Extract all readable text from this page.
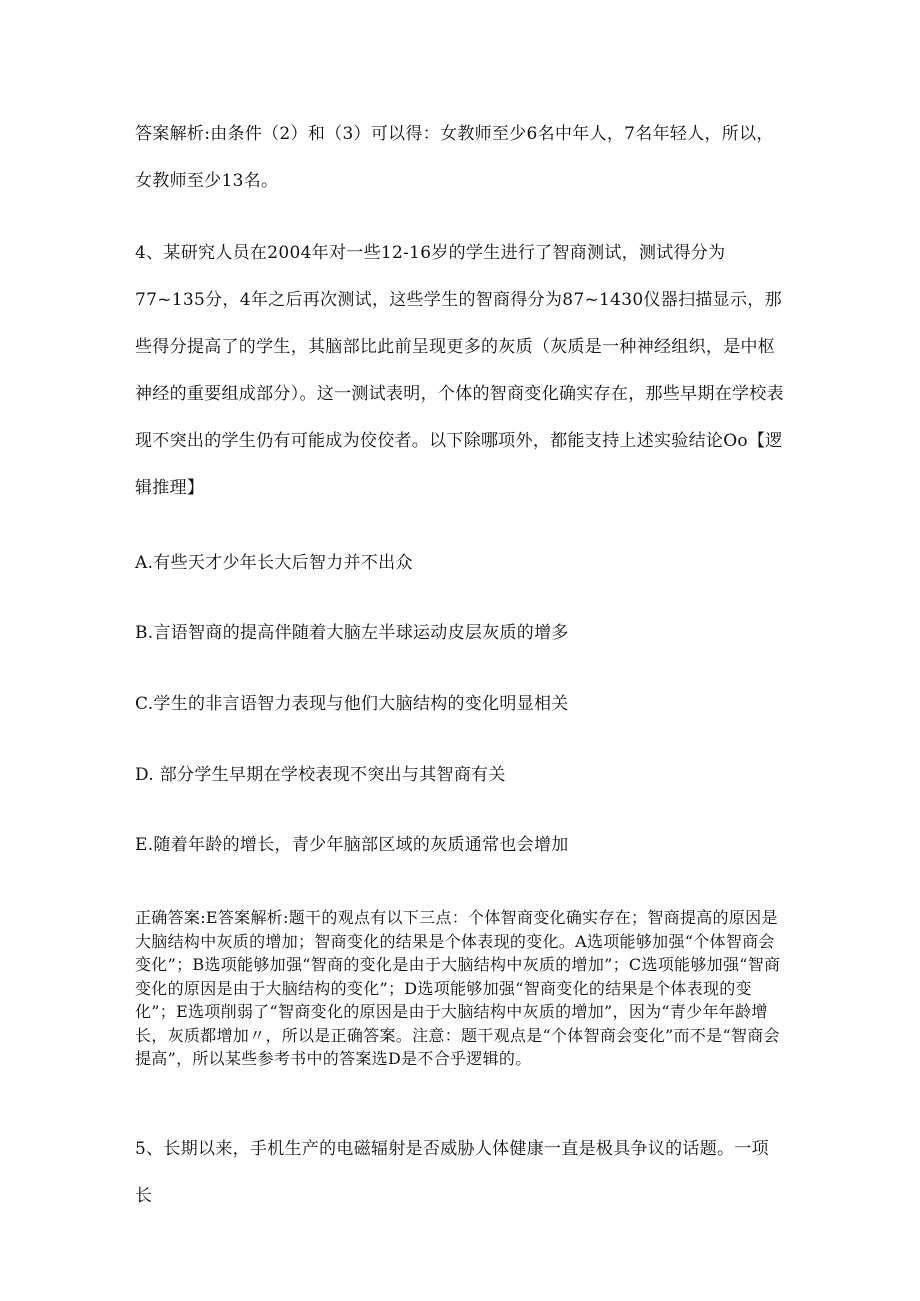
答案解析:由条件（2）和（3）可以得：女教师至少6名中年人，7名年轻人，所以，女教师至少13名。

4、某研究人员在2004年对一些12-16岁的学生进行了智商测试，测试得分为77~135分，4年之后再次测试，这些学生的智商得分为87~1430仪器扫描显示，那些得分提高了的学生，其脑部比此前呈现更多的灰质（灰质是一种神经组织，是中枢神经的重要组成部分）。这一测试表明，个体的智商变化确实存在，那些早期在学校表现不突出的学生仍有可能成为佼佼者。以下除哪项外，都能支持上述实验结论Oo【逻辑推理】

A.有些天才少年长大后智力并不出众

B.言语智商的提高伴随着大脑左半球运动皮层灰质的增多

C.学生的非言语智力表现与他们大脑结构的变化明显相关

D. 部分学生早期在学校表现不突出与其智商有关

E.随着年龄的增长，青少年脑部区域的灰质通常也会增加

正确答案:E答案解析:题干的观点有以下三点：个体智商变化确实存在；智商提高的原因是大脑结构中灰质的增加；智商变化的结果是个体表现的变化。A选项能够加强“个体智商会变化”；B选项能够加强“智商的变化是由于大脑结构中灰质的增加”；C选项能够加强“智商变化的原因是由于大脑结构的变化”；D选项能够加强“智商变化的结果是个体表现的变化”；E选项削弱了“智商变化的原因是由于大脑结构中灰质的增加”，因为“青少年年龄增长，灰质都增加〃，所以是正确答案。注意：题干观点是“个体智商会变化”而不是“智商会提高”，所以某些参考书中的答案选D是不合乎逻辑的。

5、长期以来，手机生产的电磁辐射是否威胁人体健康一直是极具争议的话题。一项长
